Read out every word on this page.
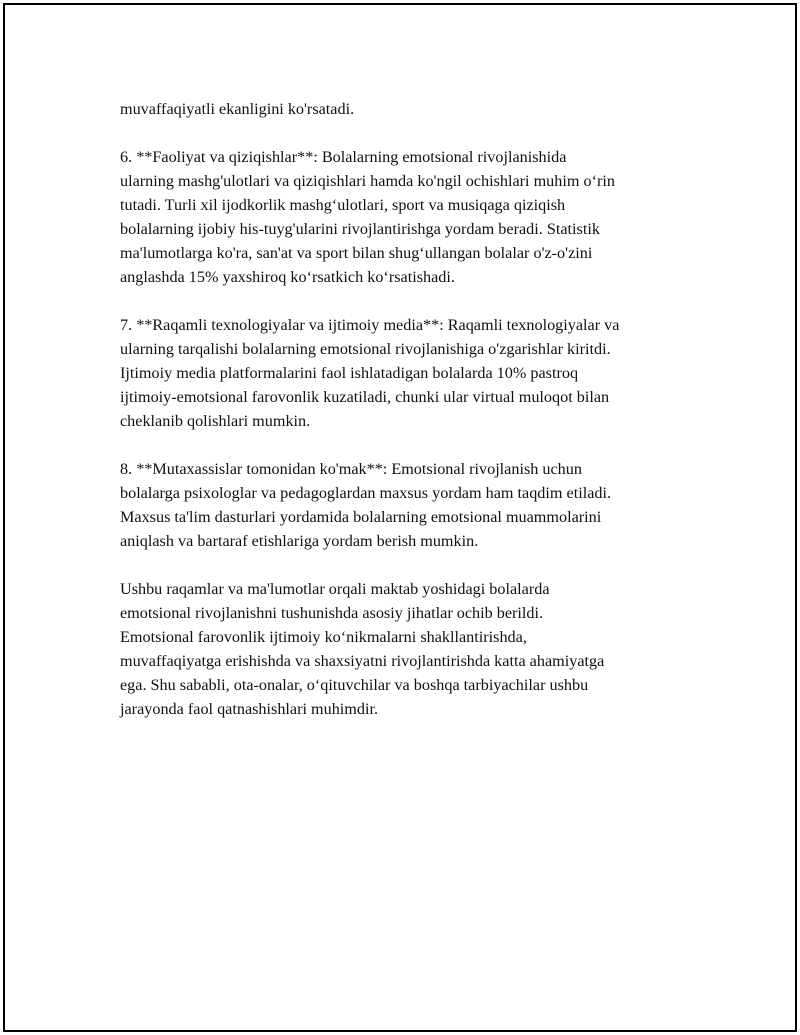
muvaffaqiyatli ekanligini ko'rsatadi.

6. **Faoliyat va qiziqishlar**: Bolalarning emotsional rivojlanishida
ularning mashg'ulotlari va qiziqishlari hamda ko'ngil ochishlari muhim o‘rin
tutadi. Turli xil ijodkorlik mashg‘ulotlari, sport va musiqaga qiziqish
bolalarning ijobiy his-tuyg'ularini rivojlantirishga yordam beradi. Statistik
ma'lumotlarga ko'ra, san'at va sport bilan shug‘ullangan bolalar o'z-o'zini
anglashda 15% yaxshiroq ko‘rsatkich ko‘rsatishadi.

7. **Raqamli texnologiyalar va ijtimoiy media**: Raqamli texnologiyalar va
ularning tarqalishi bolalarning emotsional rivojlanishiga o'zgarishlar kiritdi.
Ijtimoiy media platformalarini faol ishlatadigan bolalarda 10% pastroq
ijtimoiy-emotsional farovonlik kuzatiladi, chunki ular virtual muloqot bilan
cheklanib qolishlari mumkin.

8. **Mutaxassislar tomonidan ko'mak**: Emotsional rivojlanish uchun
bolalarga psixologlar va pedagoglardan maxsus yordam ham taqdim etiladi.
Maxsus ta'lim dasturlari yordamida bolalarning emotsional muammolarini
aniqlash va bartaraf etishlariga yordam berish mumkin.

Ushbu raqamlar va ma'lumotlar orqali maktab yoshidagi bolalarda
emotsional rivojlanishni tushunishda asosiy jihatlar ochib berildi.
Emotsional farovonlik ijtimoiy ko‘nikmalarni shakllantirishda,
muvaffaqiyatga erishishda va shaxsiyatni rivojlantirishda katta ahamiyatga
ega. Shu sababli, ota-onalar, o‘qituvchilar va boshqa tarbiyachilar ushbu
jarayonda faol qatnashishlari muhimdir.
